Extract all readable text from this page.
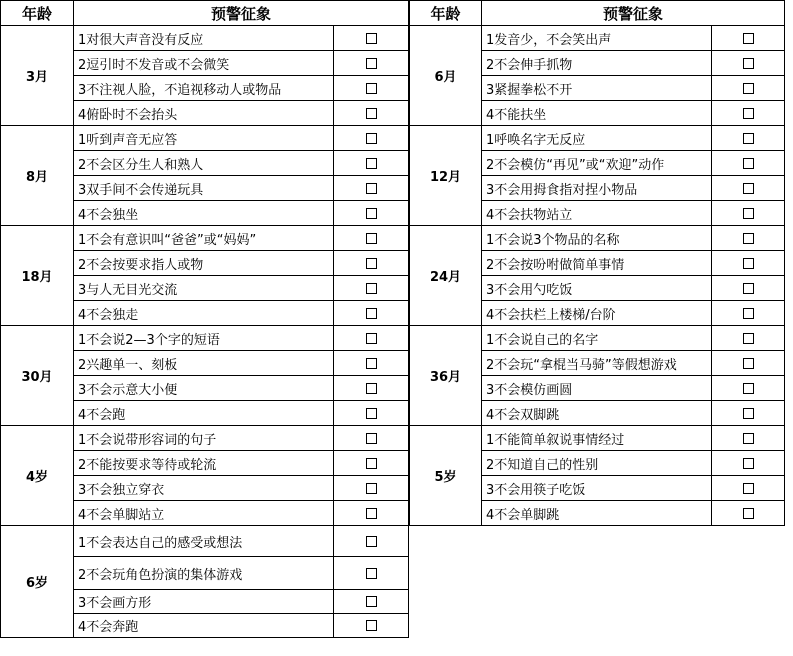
年龄	预警征象
3月
1对很大声音没有反应
2逗引时不发音或不会微笑
3不注视人脸，不追视移动人或物品
4俯卧时不会抬头
8月
1听到声音无应答
2不会区分生人和熟人
3双手间不会传递玩具
4不会独坐
18月
1不会有意识叫“爸爸”或“妈妈”
2不会按要求指人或物
3与人无目光交流
4不会独走
30月
1不会说2—3个字的短语
2兴趣单一、刻板
3不会示意大小便
4不会跑
4岁
1不会说带形容词的句子
2不能按要求等待或轮流
3不会独立穿衣
4不会单脚站立
6岁
1不会表达自己的感受或想法
2不会玩角色扮演的集体游戏
3不会画方形
4不会奔跑
年龄	预警征象
6月
1发音少，不会笑出声
2不会伸手抓物
3紧握拳松不开
4不能扶坐
12月
1呼唤名字无反应
2不会模仿“再见”或“欢迎”动作
3不会用拇食指对捏小物品
4不会扶物站立
24月
1不会说3个物品的名称
2不会按吩咐做简单事情
3不会用勺吃饭
4不会扶栏上楼梯/台阶
36月
1不会说自己的名字
2不会玩“拿棍当马骑”等假想游戏
3不会模仿画圆
4不会双脚跳
5岁
1不能简单叙说事情经过
2不知道自己的性别
3不会用筷子吃饭
4不会单脚跳
